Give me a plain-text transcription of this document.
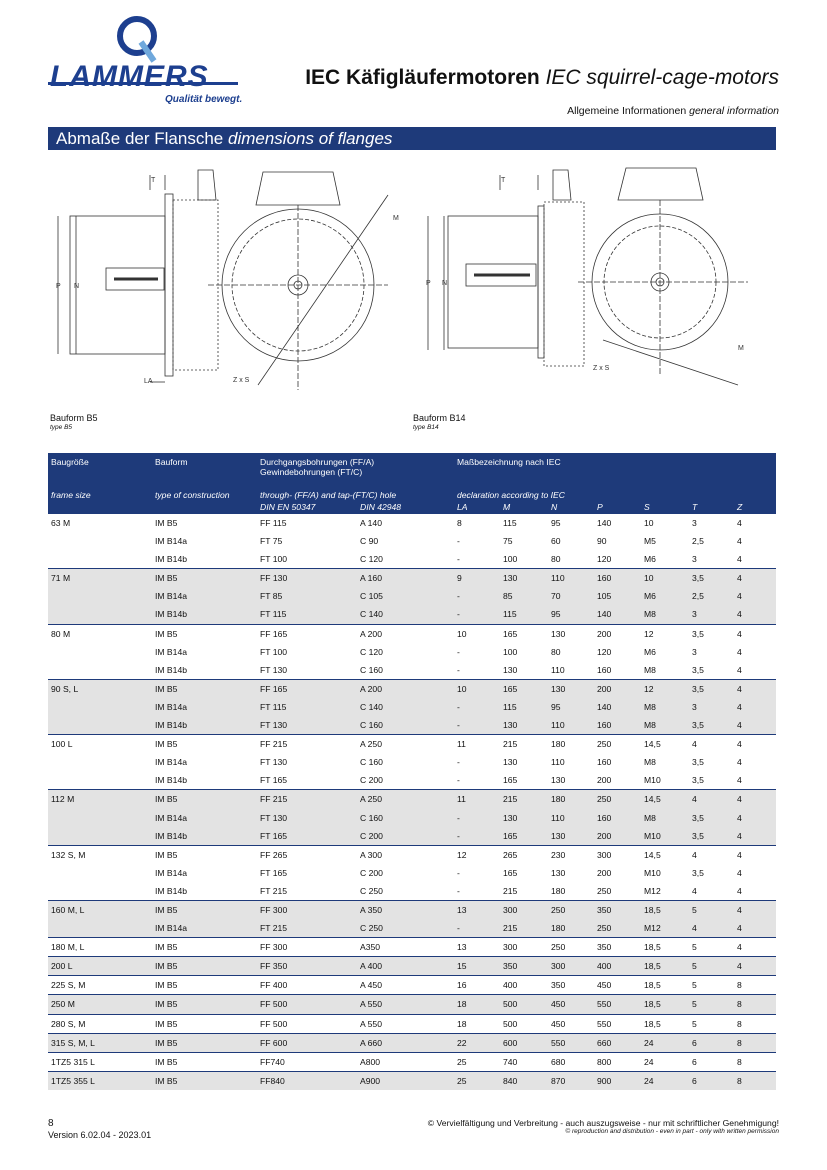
LAMMERS
Qualität bewegt.
IEC Käfigläufermotoren IEC squirrel-cage-motors
Allgemeine Informationen general information
Abmaße der Flansche dimensions of flanges
P N
T
LA	Z x S
M
P N
T
Z x S
M
Bauform B5
type B5
Bauform B14
type B14
Baugröße	Bauform	Durchgangsbohrungen (FF/A)
Gewindebohrungen (FT/C)		Maßbezeichnung nach IEC						
frame size	type of construction	through- (FF/A) and tap-(FT/C) hole		declaration according to IEC						
		DIN EN 50347	DIN 42948	LA	M	N	P	S	T	Z
63 M	IM B5	FF 115	A 140	8	115	95	140	10	3	4
	IM B14a	FT 75	C 90	-	75	60	90	M5	2,5	4
	IM B14b	FT 100	C 120	-	100	80	120	M6	3	4
71 M	IM B5	FF 130	A 160	9	130	110	160	10	3,5	4
	IM B14a	FT 85	C 105	-	85	70	105	M6	2,5	4
	IM B14b	FT 115	C 140	-	115	95	140	M8	3	4
80 M	IM B5	FF 165	A 200	10	165	130	200	12	3,5	4
	IM B14a	FT 100	C 120	-	100	80	120	M6	3	4
	IM B14b	FT 130	C 160	-	130	110	160	M8	3,5	4
90 S, L	IM B5	FF 165	A 200	10	165	130	200	12	3,5	4
	IM B14a	FT 115	C 140	-	115	95	140	M8	3	4
	IM B14b	FT 130	C 160	-	130	110	160	M8	3,5	4
100 L	IM B5	FF 215	A 250	11	215	180	250	14,5	4	4
	IM B14a	FT 130	C 160	-	130	110	160	M8	3,5	4
	IM B14b	FT 165	C 200	-	165	130	200	M10	3,5	4
112 M	IM B5	FF 215	A 250	11	215	180	250	14,5	4	4
	IM B14a	FT 130	C 160	-	130	110	160	M8	3,5	4
	IM B14b	FT 165	C 200	-	165	130	200	M10	3,5	4
132 S, M	IM B5	FF 265	A 300	12	265	230	300	14,5	4	4
	IM B14a	FT 165	C 200	-	165	130	200	M10	3,5	4
	IM B14b	FT 215	C 250	-	215	180	250	M12	4	4
160 M, L	IM B5	FF 300	A 350	13	300	250	350	18,5	5	4
	IM B14a	FT 215	C 250	-	215	180	250	M12	4	4
180 M, L	IM B5	FF 300	A350	13	300	250	350	18,5	5	4
200 L	IM B5	FF 350	A 400	15	350	300	400	18,5	5	4
225 S, M	IM B5	FF 400	A 450	16	400	350	450	18,5	5	8
250 M	IM B5	FF 500	A 550	18	500	450	550	18,5	5	8
280 S, M	IM B5	FF 500	A 550	18	500	450	550	18,5	5	8
315 S, M, L	IM B5	FF 600	A 660	22	600	550	660	24	6	8
1TZ5 315 L	IM B5	FF740	A800	25	740	680	800	24	6	8
1TZ5 355 L	IM B5	FF840	A900	25	840	870	900	24	6	8
8
Version 6.02.04 - 2023.01
© Vervielfältigung und Verbreitung - auch auszugsweise - nur mit schriftlicher Genehmigung!
© reproduction and distribution - even in part - only with written permission
